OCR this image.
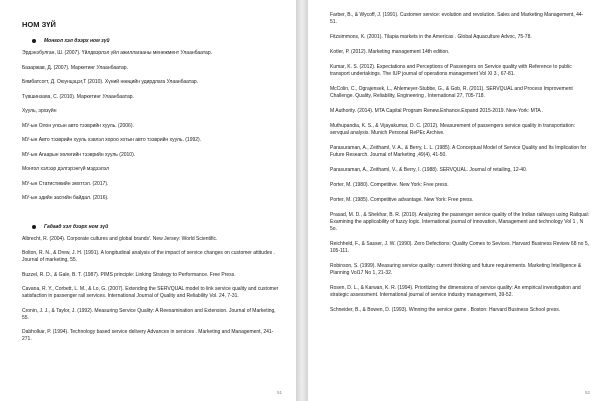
НОМ ЗҮЙ
Монгол хэл дээрх ном зүй

Эрдэнэбулган, Ш. (2007). Үйлдвэрлэл үйл ажиллагааны менежмент Улаанбаатар.

Базаржав, Д. (2007). Маркетинг Улаанбаатар.

Бямбатсогт, Д. Оюунцэцэг,Т (2010). Хүний нөөцийн удирдлага Улаанбаатар.

Түвшинзаяа, С. (2010). Маркетинг Улаанбаатар.

Хууль, эрхзүйн

МУ-ын Олон улсын авто тээврийн хууль. (2006).

МУ-ын Авто тээврийн хууль хэвлэл хороо хотын авто тээврийн хууль. (1992).

МУ-ын Агаарын хөлөгийн тээврийн хууль (2010).

Монгол хэлээр дэлгэрэнгүй мэдээлэл

МУ-ын Статистикийн эмхтгэл. (2017).

МУ-ын эдийн засгийн байдал. (2016).

Гадаад хэл дээрх ном зүй

Albrecht, R. (2004). Corporate cultures and global brands'. New Jersey: World Scientific.

Bolton, R. N., & Drew, J. H. (1991). A longitudinal analysis of the impact of service changes on customer attitudes . Journal of marketing, 55.

Buzzel, R. D., & Gale, B. T. (1987). PIMS principle: Linking Strategy to Performance. Free Press.

Cavana, R. Y., Corbett, L. M., & Lo, G. (2007). Extending the SERVQUAL model to link service quality and customer satisfaction in passenger rail services. International Journal of Quality and Reliability Vol. 24, 7-31.

Cronin, J. J., & Taylor, J. (1992). Measuring Service Quality: A Reexamination and Extension. Journal of Marketing, 55.

Dabholkar, P. (1994). Technology based service delivery Advances in services . Marketing and Management, 241-271.

51

Farber, B., & Wycoff, J. (1991). Customer service: evolution and revolution. Sales and Marketing Management, 44-51.

Fitzsimmons, K. (2001). Tilapia markets in the Americas . Global Aquaculture Advoc, 75-78.

Kotler, P. (2012). Marketing management 14th edition.

Kumar, K. S. (2012). Expectations and Perceptions of Passengers on Service quality with Reference to public transport undertakings. The IUP journal of operations management Vol XI 3 , 67-81.

McColin, C., Ograjensek, L., Ahlemeyer-Stubbe, G., & Gob, R. (2011). SERVQUAL and Process Improvement Challenge. Quality, Reliability, Engineering , International 27, 705-718.

M Authority. (2014). MTA Capital Program Renew.Enhance.Expand 2015-2019. New-York: MTA .

Muthupandia, K. S., & Vijayakumar, D. C. (2012). Measurement of passengers service quality in transportation: servqual analysis. Munich Personal RePEc Archive.

Parasuraman, A., Zeithaml, V. A., & Berry, L. L. (1985). A Conceptual Model of Service Quality and Its Implication for Future Research. Journal of Marketing ,49(4), 41-50.

Parasuraman, A., Zeithaml, V., & Berry, I. (1988). SERVQUAL. Journal of retailing, 12-40.

Porter, M. (1980). Competitive. New York: Free press.

Porter, M. (1985). Competitive advantage. New York: Free press.

Prasad, M. D., & Shekhar, B. R. (2010). Analyzing the passenger service quality of the Indian railways using Railqual: Examining the applicability of fuzzy logic. International journal of innovation, Management and technology Vol 1 , N 5o.

Reichheld, F., & Sasser, J. W. (1990). Zero Defections: Quality Comes to Sevices. Harvard Business Review 68 no 5, 105-111.

Robinson, S. (1999). Measuring service quality: current thinking and future requirements. Marketing Intelligence & Planning Vol17 No 1, 21-32.

Rosen, D. L., & Karwan, K. R. (1994). Prioritizing the dimensions of service quality: An empirical investigation and strategic assessment. International journal of service industry management, 39-52.

Schneider, B., & Bowen, D. (1993). Winning the service game . Boston: Harvard Business School press.

52
